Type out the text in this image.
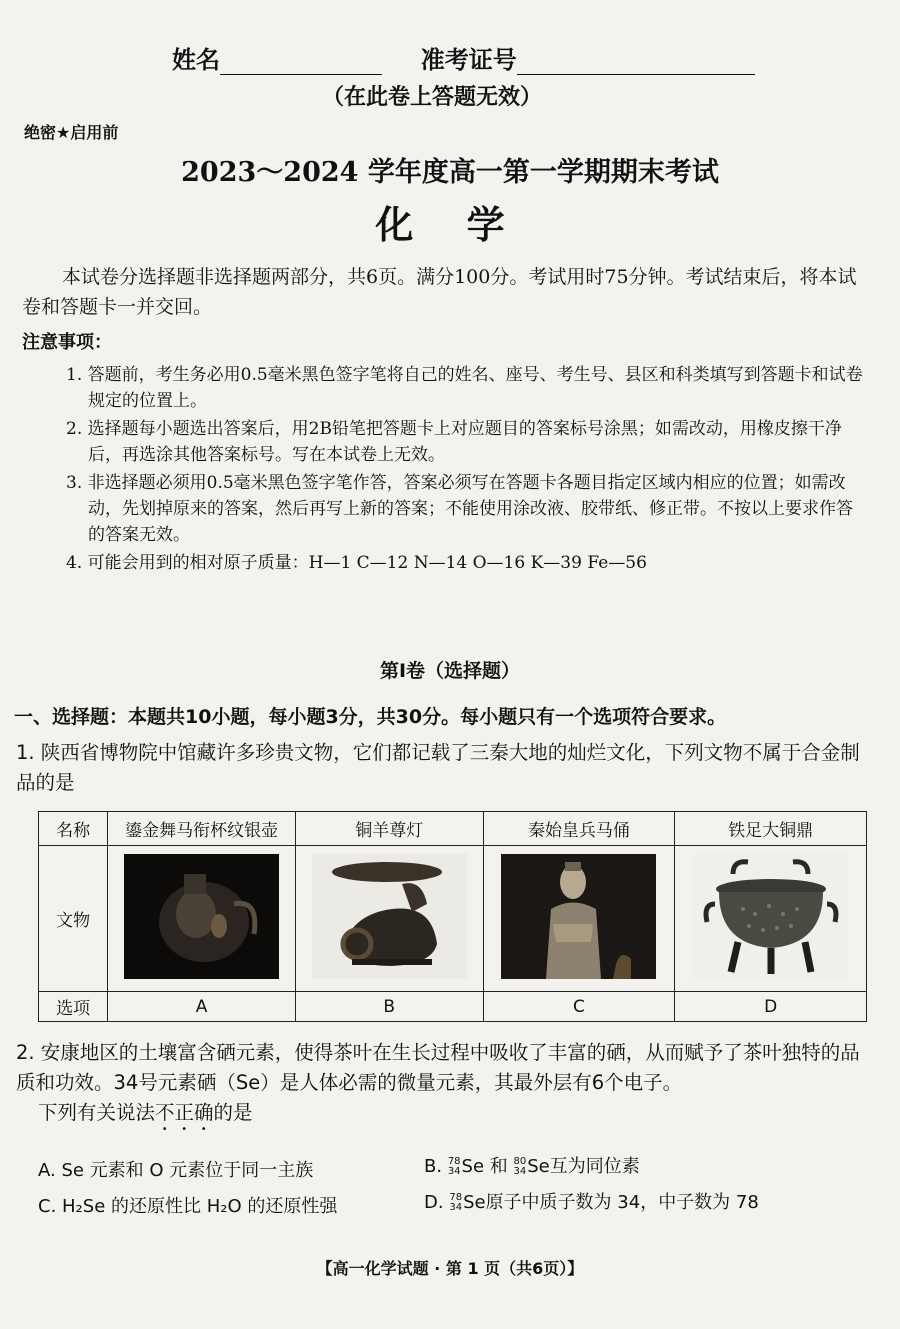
姓名	准考证号
（在此卷上答题无效）
绝密★启用前
2023～2024 学年度高一第一学期期末考试
化 学
本试卷分选择题非选择题两部分，共6页。满分100分。考试用时75分钟。考试结束后，将本试卷和答题卡一并交回。
注意事项：
1. 答题前，考生务必用0.5毫米黑色签字笔将自己的姓名、座号、考生号、县区和科类填写到答题卡和试卷规定的位置上。
2. 选择题每小题选出答案后，用2B铅笔把答题卡上对应题目的答案标号涂黑；如需改动，用橡皮擦干净后，再选涂其他答案标号。写在本试卷上无效。
3. 非选择题必须用0.5毫米黑色签字笔作答，答案必须写在答题卡各题目指定区域内相应的位置；如需改动，先划掉原来的答案，然后再写上新的答案；不能使用涂改液、胶带纸、修正带。不按以上要求作答的答案无效。
4. 可能会用到的相对原子质量：H—1 C—12 N—14 O—16 K—39 Fe—56
第Ⅰ卷（选择题）
一、选择题：本题共10小题，每小题3分，共30分。每小题只有一个选项符合要求。
1. 陕西省博物院中馆藏许多珍贵文物，它们都记载了三秦大地的灿烂文化，下列文物不属于合金制品的是
名称	鎏金舞马衔杯纹银壶	铜羊尊灯	秦始皇兵马俑	铁足大铜鼎
文物				
选项	A	B	C	D
2. 安康地区的土壤富含硒元素，使得茶叶在生长过程中吸收了丰富的硒，从而赋予了茶叶独特的品质和功效。34号元素硒（Se）是人体必需的微量元素，其最外层有6个电子。
下列有关说法不正确的是
A. Se 元素和 O 元素位于同一主族	B. 78
34 Se 和 80
34 Se互为同位素
C. H₂Se 的还原性比 H₂O 的还原性强	D. 78
34 Se原子中质子数为 34，中子数为 78
【高一化学试题 · 第 1 页（共6页）】
